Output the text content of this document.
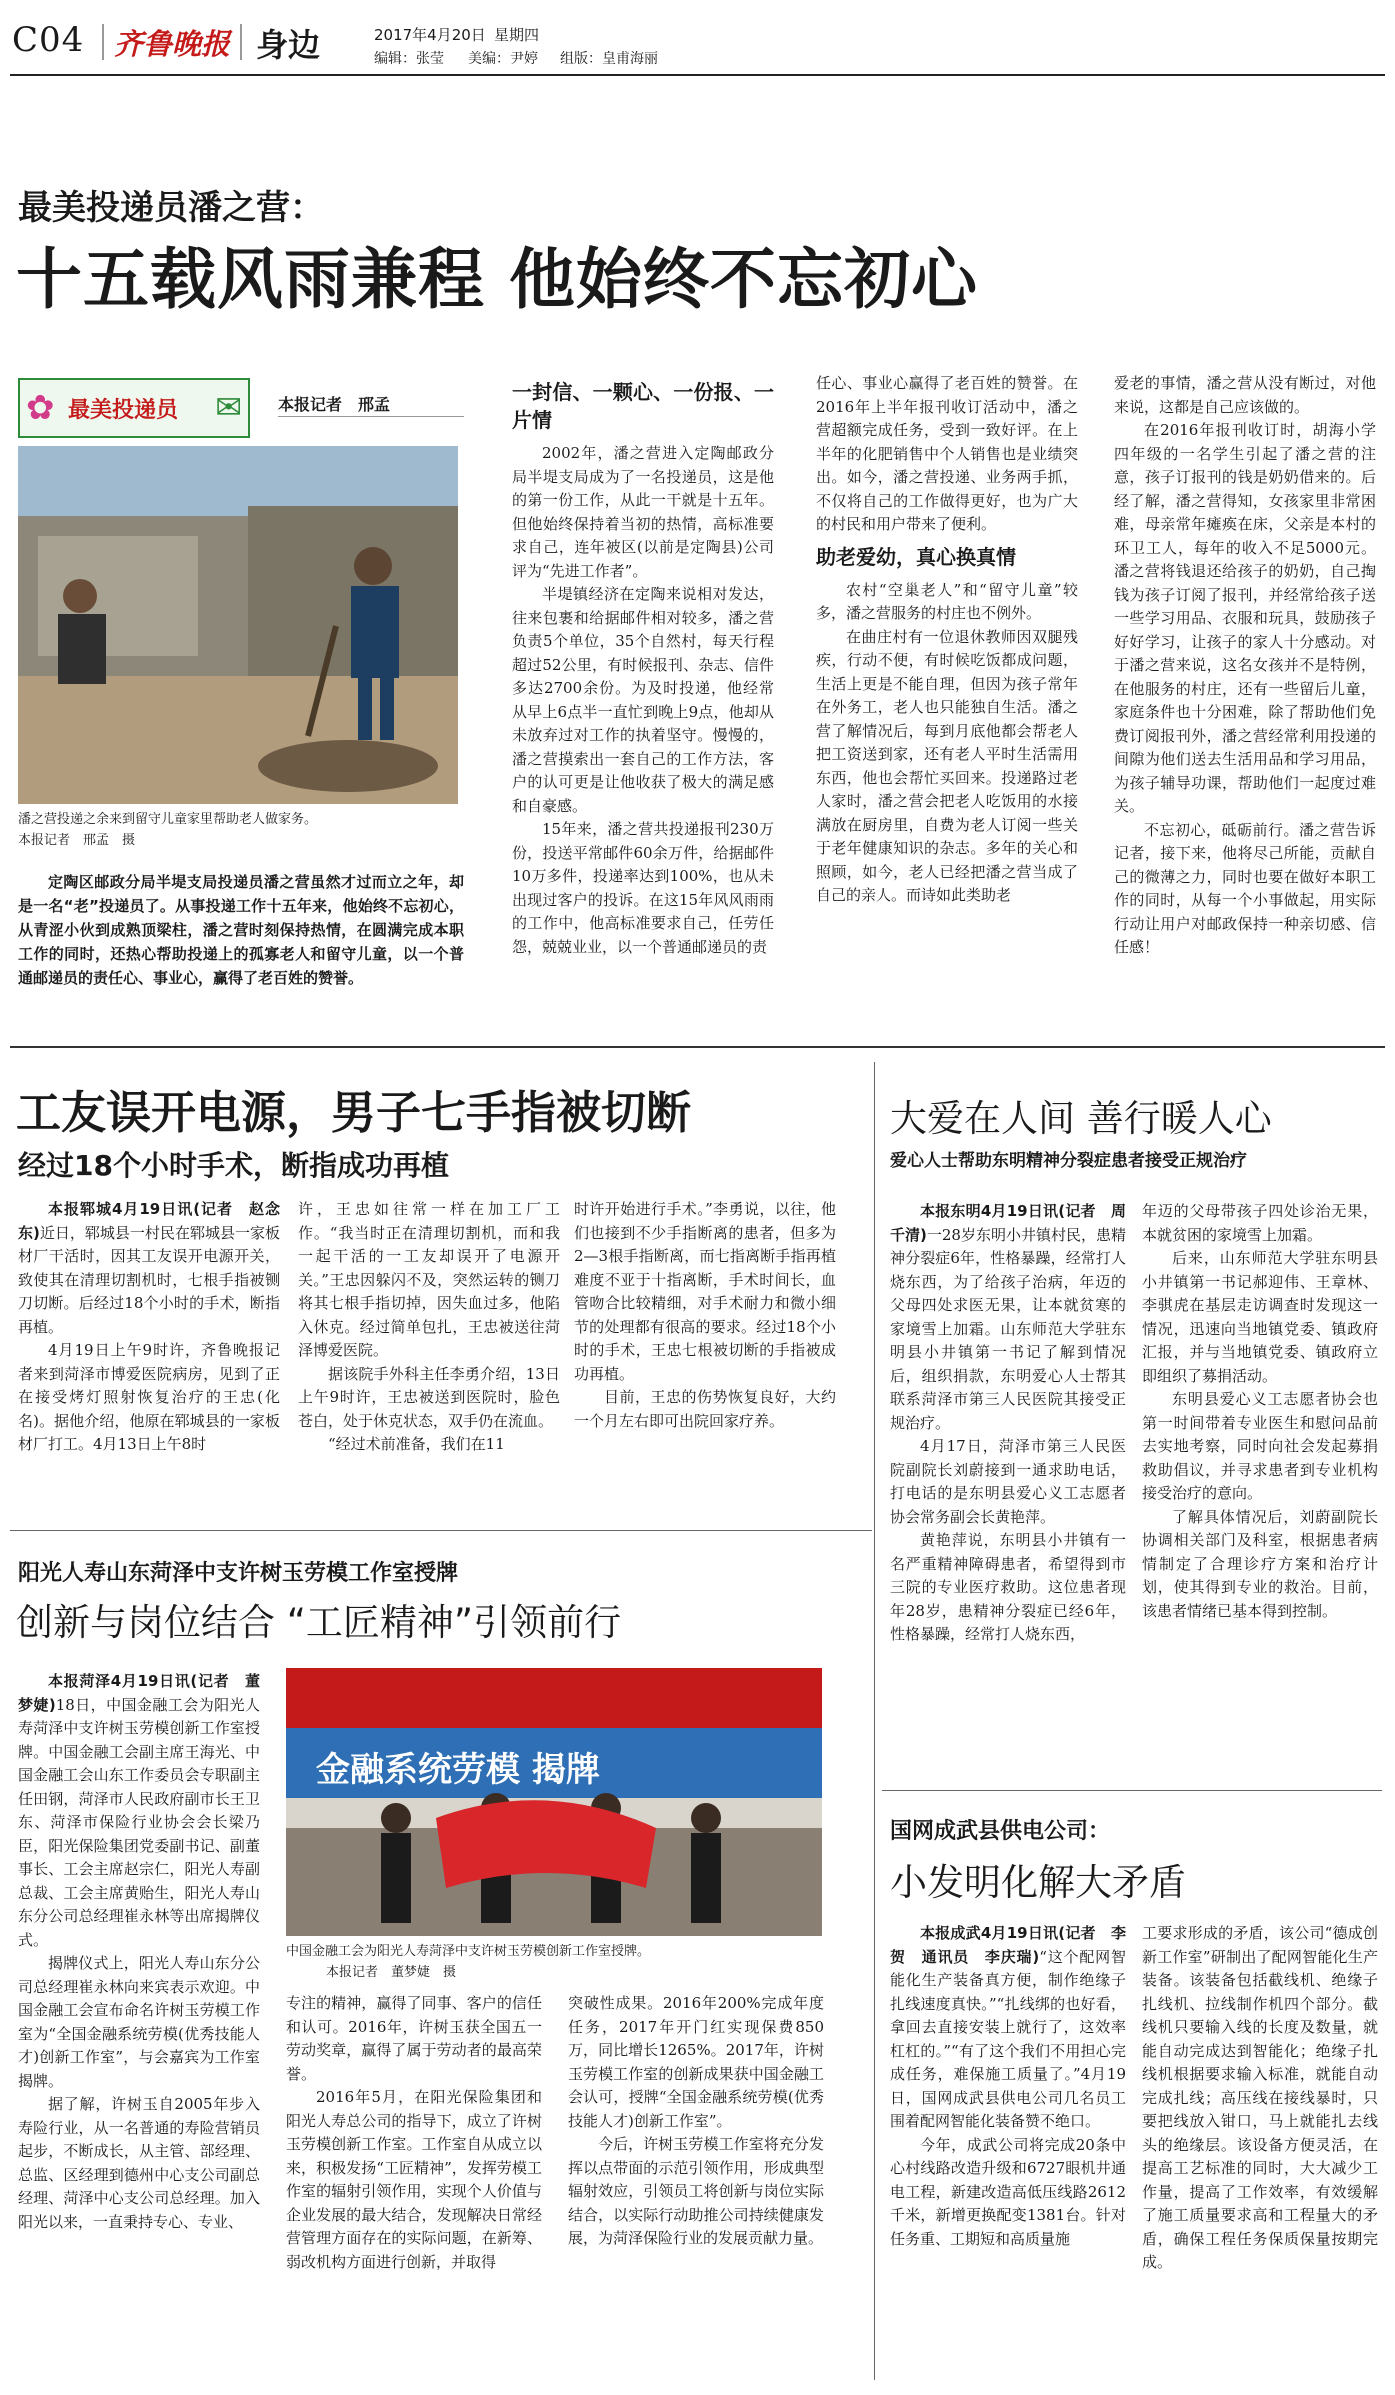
C04 齐鲁晚报 身边	2017年4月20日 星期四
编辑：张莹 美编：尹婷 组版：皇甫海丽
最美投递员潘之营：
十五载风雨兼程 他始终不忘初心
✿ 最美投递员 ✉ 本报记者　邢孟
潘之营投递之余来到留守儿童家里帮助老人做家务。
本报记者　邢孟　摄

定陶区邮政分局半堤支局投递员潘之营虽然才过而立之年，却是一名“老”投递员了。从事投递工作十五年来，他始终不忘初心，从青涩小伙到成熟顶梁柱，潘之营时刻保持热情，在圆满完成本职工作的同时，还热心帮助投递上的孤寡老人和留守儿童，以一个普通邮递员的责任心、事业心，赢得了老百姓的赞誉。

一封信、一颗心、一份报、一片情

2002年，潘之营进入定陶邮政分局半堤支局成为了一名投递员，这是他的第一份工作，从此一干就是十五年。但他始终保持着当初的热情，高标准要求自己，连年被区(以前是定陶县)公司评为“先进工作者”。

半堤镇经济在定陶来说相对发达，往来包裹和给据邮件相对较多，潘之营负责5个单位，35个自然村，每天行程超过52公里，有时候报刊、杂志、信件多达2700余份。为及时投递，他经常从早上6点半一直忙到晚上9点，他却从未放弃过对工作的执着坚守。慢慢的，潘之营摸索出一套自己的工作方法，客户的认可更是让他收获了极大的满足感和自豪感。

15年来，潘之营共投递报刊230万份，投送平常邮件60余万件，给据邮件10万多件，投递率达到100%，也从未出现过客户的投诉。在这15年风风雨雨的工作中，他高标准要求自己，任劳任怨，兢兢业业，以一个普通邮递员的责

任心、事业心赢得了老百姓的赞誉。在2016年上半年报刊收订活动中，潘之营超额完成任务，受到一致好评。在上半年的化肥销售中个人销售也是业绩突出。如今，潘之营投递、业务两手抓，不仅将自己的工作做得更好，也为广大的村民和用户带来了便利。

助老爱幼，真心换真情

农村“空巢老人”和“留守儿童”较多，潘之营服务的村庄也不例外。

在曲庄村有一位退休教师因双腿残疾，行动不便，有时候吃饭都成问题，生活上更是不能自理，但因为孩子常年在外务工，老人也只能独自生活。潘之营了解情况后，每到月底他都会帮老人把工资送到家，还有老人平时生活需用东西，他也会帮忙买回来。投递路过老人家时，潘之营会把老人吃饭用的水接满放在厨房里，自费为老人订阅一些关于老年健康知识的杂志。多年的关心和照顾，如今，老人已经把潘之营当成了自己的亲人。而诗如此类助老

爱老的事情，潘之营从没有断过，对他来说，这都是自己应该做的。

在2016年报刊收订时，胡海小学四年级的一名学生引起了潘之营的注意，孩子订报刊的钱是奶奶借来的。后经了解，潘之营得知，女孩家里非常困难，母亲常年瘫痪在床，父亲是本村的环卫工人，每年的收入不足5000元。潘之营将钱退还给孩子的奶奶，自己掏钱为孩子订阅了报刊，并经常给孩子送一些学习用品、衣服和玩具，鼓励孩子好好学习，让孩子的家人十分感动。对于潘之营来说，这名女孩并不是特例，在他服务的村庄，还有一些留后儿童，家庭条件也十分困难，除了帮助他们免费订阅报刊外，潘之营经常利用投递的间隙为他们送去生活用品和学习用品，为孩子辅导功课，帮助他们一起度过难关。

不忘初心，砥砺前行。潘之营告诉记者，接下来，他将尽己所能，贡献自己的微薄之力，同时也要在做好本职工作的同时，从每一个小事做起，用实际行动让用户对邮政保持一种亲切感、信任感！

工友误开电源，男子七手指被切断
经过18个小时手术，断指成功再植

本报郓城4月19日讯(记者　赵念东)近日，郓城县一村民在郓城县一家板材厂干活时，因其工友误开电源开关，致使其在清理切割机时，七根手指被铡刀切断。后经过18个小时的手术，断指再植。

4月19日上午9时许，齐鲁晚报记者来到菏泽市博爱医院病房，见到了正在接受烤灯照射恢复治疗的王忠(化名)。据他介绍，他原在郓城县的一家板材厂打工。4月13日上午8时

许，王忠如往常一样在加工厂工作。“我当时正在清理切割机，而和我一起干活的一工友却误开了电源开关。”王忠因躲闪不及，突然运转的铡刀将其七根手指切掉，因失血过多，他陷入休克。经过简单包扎，王忠被送往菏泽博爱医院。

据该院手外科主任李勇介绍，13日上午9时许，王忠被送到医院时，脸色苍白，处于休克状态，双手仍在流血。

“经过术前准备，我们在11

时许开始进行手术。”李勇说，以往，他们也接到不少手指断离的患者，但多为2—3根手指断离，而七指离断手指再植难度不亚于十指离断，手术时间长，血管吻合比较精细，对手术耐力和微小细节的处理都有很高的要求。经过18个小时的手术，王忠七根被切断的手指被成功再植。

目前，王忠的伤势恢复良好，大约一个月左右即可出院回家疗养。

阳光人寿山东菏泽中支许树玉劳模工作室授牌
创新与岗位结合 “工匠精神”引领前行

本报菏泽4月19日讯(记者　董梦婕)18日，中国金融工会为阳光人寿菏泽中支许树玉劳模创新工作室授牌。中国金融工会副主席王海光、中国金融工会山东工作委员会专职副主任田钢，菏泽市人民政府副市长王卫东、菏泽市保险行业协会会长梁乃臣，阳光保险集团党委副书记、副董事长、工会主席赵宗仁，阳光人寿副总裁、工会主席黄贻生，阳光人寿山东分公司总经理崔永林等出席揭牌仪式。

揭牌仪式上，阳光人寿山东分公司总经理崔永林向来宾表示欢迎。中国金融工会宣布命名许树玉劳模工作室为“全国金融系统劳模(优秀技能人才)创新工作室”，与会嘉宾为工作室揭牌。

据了解，许树玉自2005年步入寿险行业，从一名普通的寿险营销员起步，不断成长，从主管、部经理、总监、区经理到德州中心支公司副总经理、菏泽中心支公司总经理。加入阳光以来，一直秉持专心、专业、

金融系统劳模 揭牌
中国金融工会为阳光人寿菏泽中支许树玉劳模创新工作室授牌。
本报记者　董梦婕　摄

专注的精神，赢得了同事、客户的信任和认可。2016年，许树玉获全国五一劳动奖章，赢得了属于劳动者的最高荣誉。

2016年5月，在阳光保险集团和阳光人寿总公司的指导下，成立了许树玉劳模创新工作室。工作室自从成立以来，积极发扬“工匠精神”，发挥劳模工作室的辐射引领作用，实现个人价值与企业发展的最大结合，发现解决日常经营管理方面存在的实际问题，在新筹、弱改机构方面进行创新，并取得

突破性成果。2016年200%完成年度任务，2017年开门红实现保费850万，同比增长1265%。2017年，许树玉劳模工作室的创新成果获中国金融工会认可，授牌“全国金融系统劳模(优秀技能人才)创新工作室”。

今后，许树玉劳模工作室将充分发挥以点带面的示范引领作用，形成典型辐射效应，引领员工将创新与岗位实际结合，以实际行动助推公司持续健康发展，为菏泽保险行业的发展贡献力量。

大爱在人间 善行暖人心
爱心人士帮助东明精神分裂症患者接受正规治疗

本报东明4月19日讯(记者　周千清)一28岁东明小井镇村民，患精神分裂症6年，性格暴躁，经常打人烧东西，为了给孩子治病，年迈的父母四处求医无果，让本就贫寒的家境雪上加霜。山东师范大学驻东明县小井镇第一书记了解到情况后，组织捐款，东明爱心人士帮其联系菏泽市第三人民医院其接受正规治疗。

4月17日，菏泽市第三人民医院副院长刘蔚接到一通求助电话，打电话的是东明县爱心义工志愿者协会常务副会长黄艳萍。

黄艳萍说，东明县小井镇有一名严重精神障碍患者，希望得到市三院的专业医疗救助。这位患者现年28岁，患精神分裂症已经6年，性格暴躁，经常打人烧东西，

年迈的父母带孩子四处诊治无果，本就贫困的家境雪上加霜。

后来，山东师范大学驻东明县小井镇第一书记郝迎伟、王章林、李骐虎在基层走访调查时发现这一情况，迅速向当地镇党委、镇政府汇报，并与当地镇党委、镇政府立即组织了募捐活动。

东明县爱心义工志愿者协会也第一时间带着专业医生和慰问品前去实地考察，同时向社会发起募捐救助倡议，并寻求患者到专业机构接受治疗的意向。

了解具体情况后，刘蔚副院长协调相关部门及科室，根据患者病情制定了合理诊疗方案和治疗计划，使其得到专业的救治。目前，该患者情绪已基本得到控制。

国网成武县供电公司：
小发明化解大矛盾

本报成武4月19日讯(记者　李贺　通讯员　李庆瑞)“这个配网智能化生产装备真方便，制作绝缘子扎线速度真快。”“扎线绑的也好看，拿回去直接安装上就行了，这效率杠杠的。”“有了这个我们不用担心完成任务，难保施工质量了。”4月19日，国网成武县供电公司几名员工围着配网智能化装备赞不绝口。

今年，成武公司将完成20条中心村线路改造升级和6727眼机井通电工程，新建改造高低压线路2612千米，新增更换配变1381台。针对任务重、工期短和高质量施

工要求形成的矛盾，该公司“德成创新工作室”研制出了配网智能化生产装备。该装备包括截线机、绝缘子扎线机、拉线制作机四个部分。截线机只要输入线的长度及数量，就能自动完成达到智能化；绝缘子扎线机根据要求输入标准，就能自动完成扎线；高压线在接线暴时，只要把线放入钳口，马上就能扎去线头的绝缘层。该设备方便灵活，在提高工艺标准的同时，大大减少工作量，提高了工作效率，有效缓解了施工质量要求高和工程量大的矛盾，确保工程任务保质保量按期完成。
